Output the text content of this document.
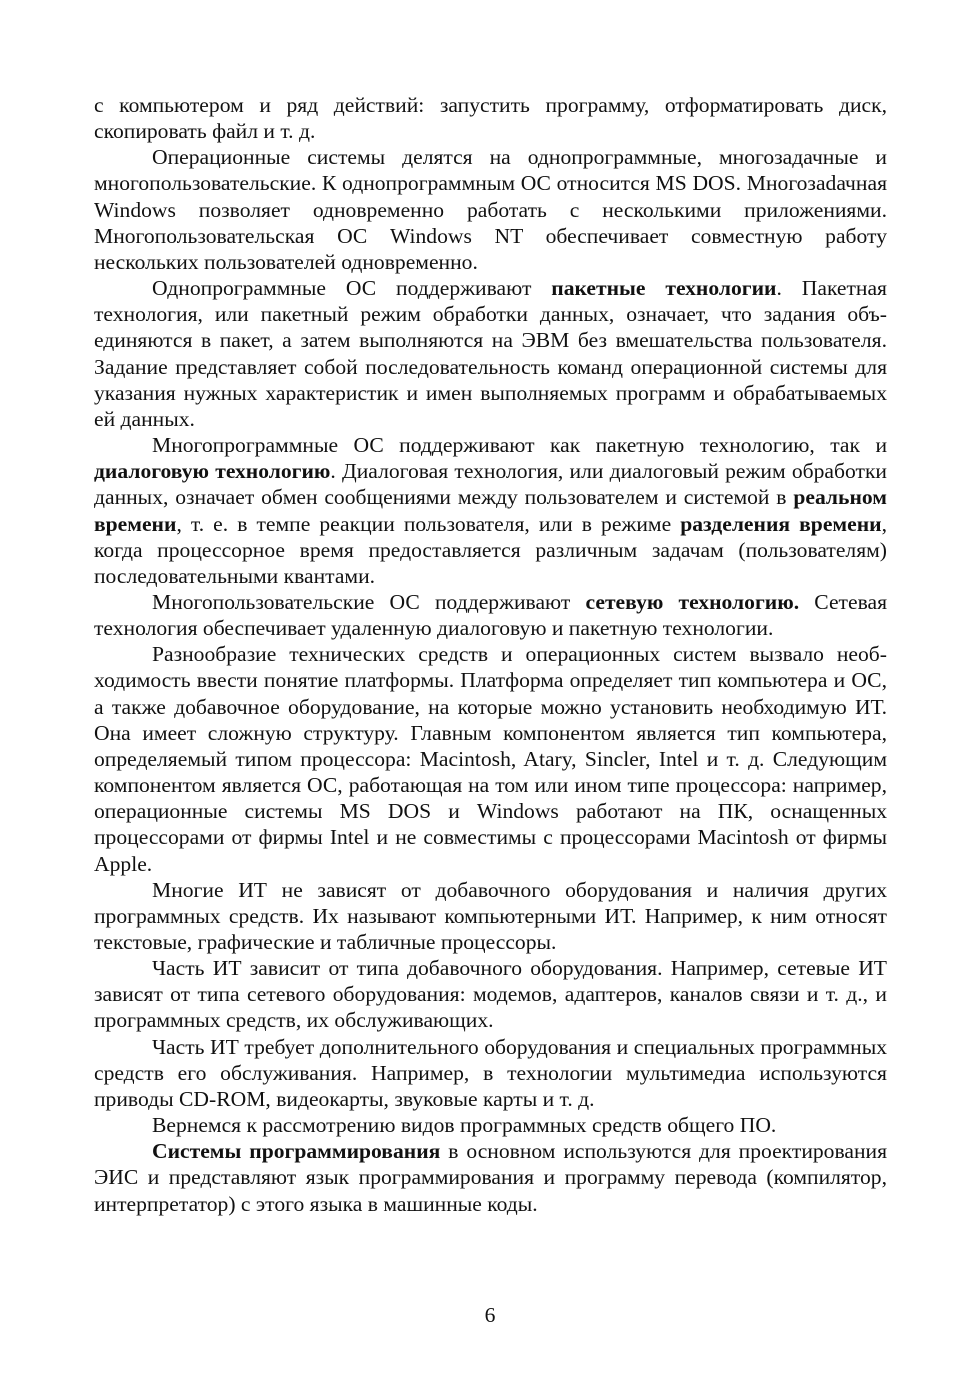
с компьютером и ряд действий: запустить программу, отформатировать диск, скопировать файл и т. д.

Операционные системы делятся на однопрограммные, многозадачные и многопользовательские. К однопрограммным ОС относится MS DOS. Многозаdачная Windows позволяет одновременно работать с несколькими приложениями. Многопользовательская ОС Windows NT обеспечивает совместную работу нескольких пользователей одновременно.

Однопрограммные ОС поддерживают пакетные технологии. Пакетная технология, или пакетный режим обработки данных, означает, что задания объединяются в пакет, а затем выполняются на ЭВМ без вмешательства пользователя. Задание представляет собой последовательность команд операционной системы для указания нужных характеристик и имен выполняемых программ и обрабатываемых ей данных.

Многопрограммные ОС поддерживают как пакетную технологию, так и диалоговую технологию. Диалоговая технология, или диалоговый режим обработки данных, означает обмен сообщениями между пользователем и системой в реальном времени, т. е. в темпе реакции пользователя, или в режиме разделения времени, когда процессорное время предоставляется различным задачам (пользователям) последовательными квантами.

Многопользовательские ОС поддерживают сетевую технологию. Сетевая технология обеспечивает удаленную диалоговую и пакетную технологии.

Разнообразие технических средств и операционных систем вызвало необходимость ввести понятие платформы. Платформа определяет тип компьютера и ОС, а также добавочное оборудование, на которые можно установить необходимую ИТ. Она имеет сложную структуру. Главным компонентом является тип компьютера, определяемый типом процессора: Macintosh, Atary, Sincler, Intel и т. д. Следующим компонентом является ОС, работающая на том или ином типе процессора: например, операционные системы MS DOS и Windows работают на ПК, оснащенных процессорами от фирмы Intel и не совместимы с процессорами Macintosh от фирмы Apple.

Многие ИТ не зависят от добавочного оборудования и наличия других программных средств. Их называют компьютерными ИТ. Например, к ним относят текстовые, графические и табличные процессоры.

Часть ИТ зависит от типа добавочного оборудования. Например, сетевые ИТ зависят от типа сетевого оборудования: модемов, адаптеров, каналов связи и т. д., и программных средств, их обслуживающих.

Часть ИТ требует дополнительного оборудования и специальных программных средств его обслуживания. Например, в технологии мультимедиа используются приводы CD-ROM, видеокарты, звуковые карты и т. д.

Вернемся к рассмотрению видов программных средств общего ПО.

Системы программирования в основном используются для проектирования ЭИС и представляют язык программирования и программу перевода (компилятор, интерпретатор) с этого языка в машинные коды.

6
